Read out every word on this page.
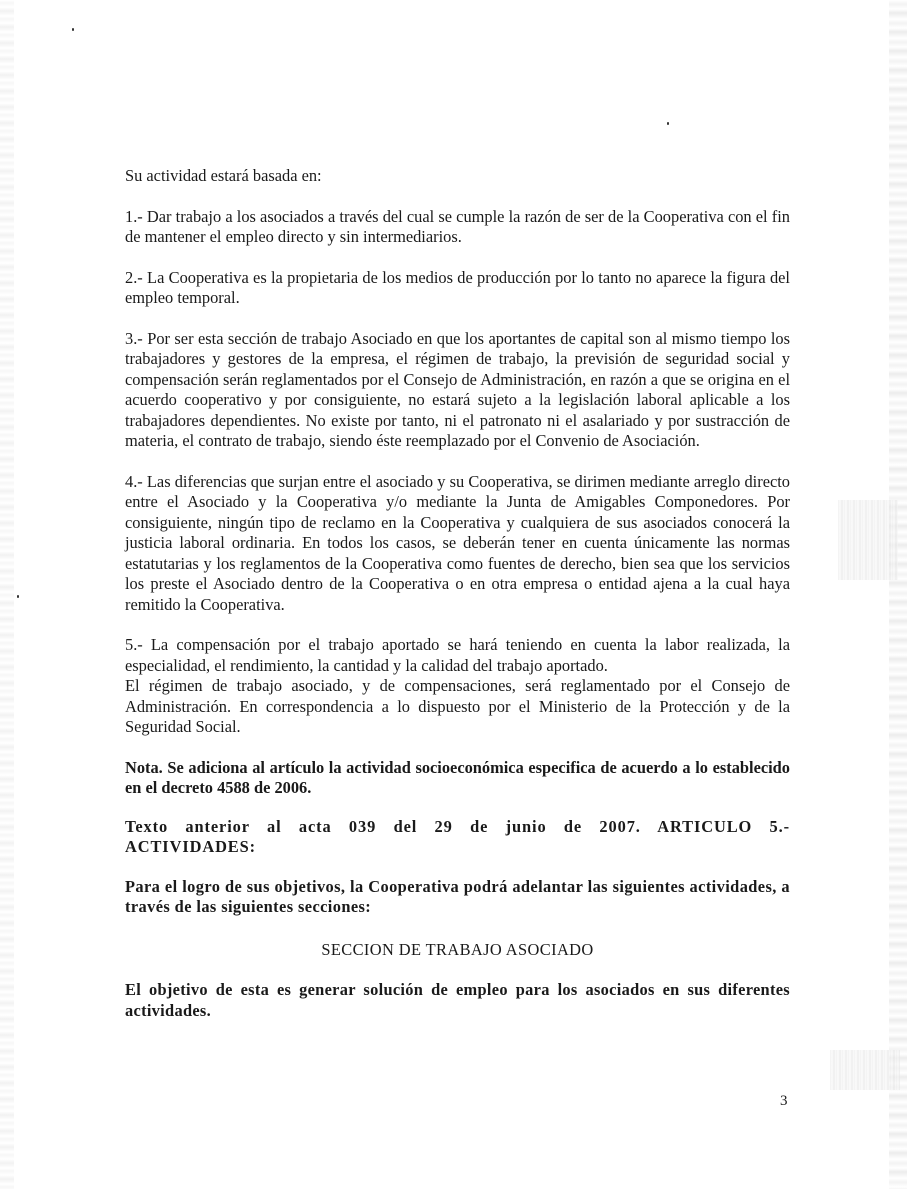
Su actividad estará basada en:

1.- Dar trabajo a los asociados a través del cual se cumple la razón de ser de la Cooperativa con el fin de mantener el empleo directo y sin intermediarios.

2.- La Cooperativa es la propietaria de los medios de producción por lo tanto no aparece la figura del empleo temporal.

3.- Por ser esta sección de trabajo Asociado en que los aportantes de capital son al mismo tiempo los trabajadores y gestores de la empresa, el régimen de trabajo, la previsión de seguridad social y compensación serán reglamentados por el Consejo de Administración, en razón a que se origina en el acuerdo cooperativo y por consiguiente, no estará sujeto a la legislación laboral aplicable a los trabajadores dependientes. No existe por tanto, ni el patronato ni el asalariado y por sustracción de materia, el contrato de trabajo, siendo éste reemplazado por el Convenio de Asociación.

4.- Las diferencias que surjan entre el asociado y su Cooperativa, se dirimen mediante arreglo directo entre el Asociado y la Cooperativa y/o mediante la Junta de Amigables Componedores. Por consiguiente, ningún tipo de reclamo en la Cooperativa y cualquiera de sus asociados conocerá la justicia laboral ordinaria. En todos los casos, se deberán tener en cuenta únicamente las normas estatutarias y los reglamentos de la Cooperativa como fuentes de derecho, bien sea que los servicios los preste el Asociado dentro de la Cooperativa o en otra empresa o entidad ajena a la cual haya remitido la Cooperativa.

5.- La compensación por el trabajo aportado se hará teniendo en cuenta la labor realizada, la especialidad, el rendimiento, la cantidad y la calidad del trabajo aportado.

El régimen de trabajo asociado, y de compensaciones, será reglamentado por el Consejo de Administración. En correspondencia a lo dispuesto por el Ministerio de la Protección y de la Seguridad Social.

Nota. Se adiciona al artículo la actividad socioeconómica especifica de acuerdo a lo establecido en el decreto 4588 de 2006.

Texto anterior al acta 039 del 29 de junio de 2007. ARTICULO 5.- ACTIVIDADES:

Para el logro de sus objetivos, la Cooperativa podrá adelantar las siguientes actividades, a través de las siguientes secciones:

SECCION DE TRABAJO ASOCIADO

El objetivo de esta es generar solución de empleo para los asociados en sus diferentes actividades.

3
